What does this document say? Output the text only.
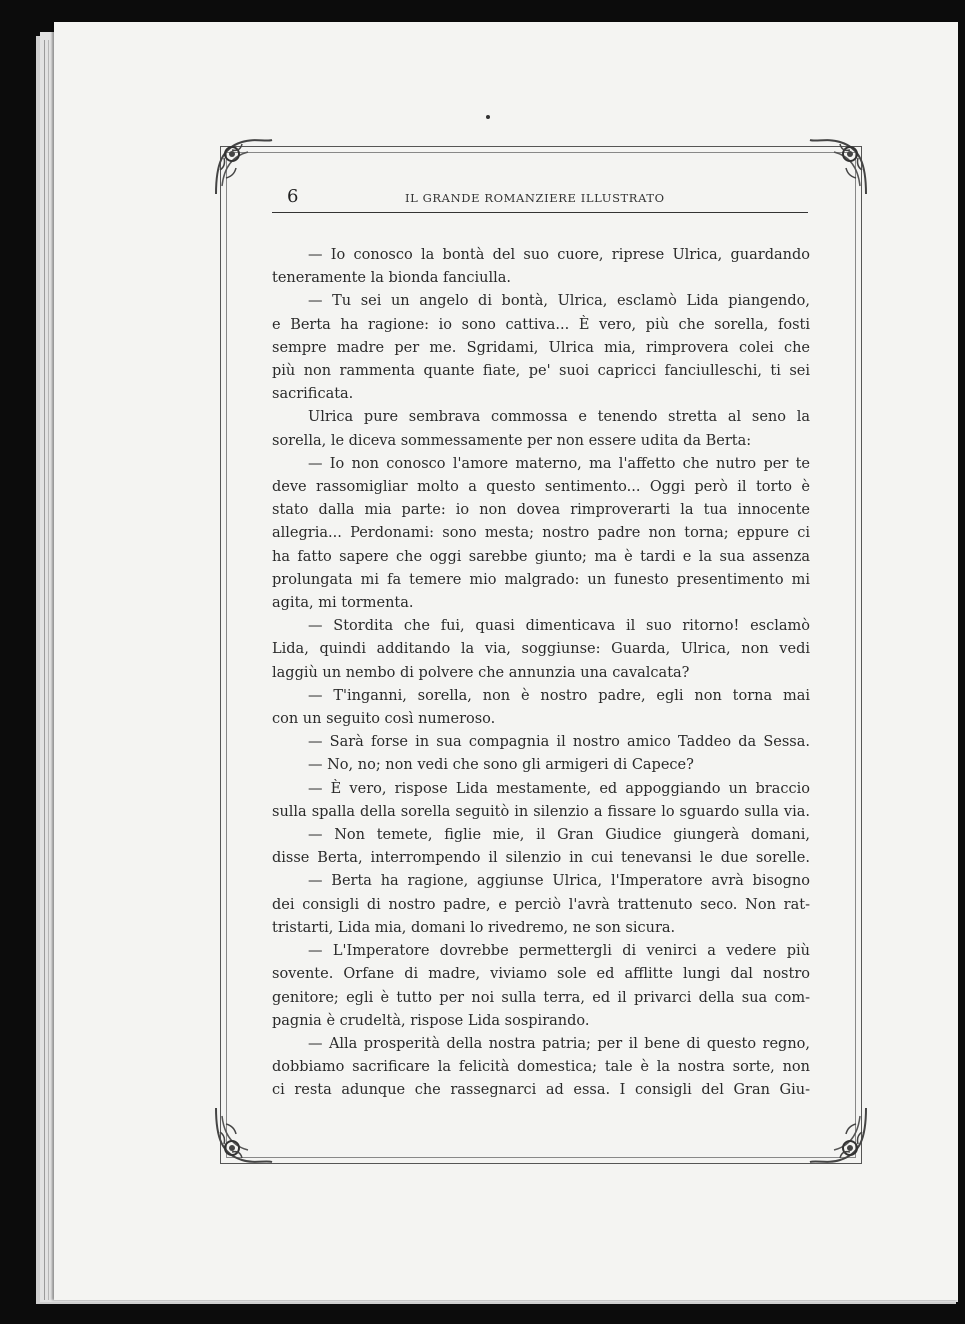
6	IL GRANDE ROMANZIERE ILLUSTRATO
— Io conosco la bontà del suo cuore, riprese Ulrica, guardando
teneramente la bionda fanciulla.
— Tu sei un angelo di bontà, Ulrica, esclamò Lida piangendo,
e Berta ha ragione: io sono cattiva... È vero, più che sorella, fosti
sempre madre per me. Sgridami, Ulrica mia, rimprovera colei che
più non rammenta quante fiate, pe' suoi capricci fanciulleschi, ti sei
sacrificata.
Ulrica pure sembrava commossa e tenendo stretta al seno la
sorella, le diceva sommessamente per non essere udita da Berta:
— Io non conosco l'amore materno, ma l'affetto che nutro per te
deve rassomigliar molto a questo sentimento... Oggi però il torto è
stato dalla mia parte: io non dovea rimproverarti la tua innocente
allegria... Perdonami: sono mesta; nostro padre non torna; eppure ci
ha fatto sapere che oggi sarebbe giunto; ma è tardi e la sua assenza
prolungata mi fa temere mio malgrado: un funesto presentimento mi
agita, mi tormenta.
— Stordita che fui, quasi dimenticava il suo ritorno! esclamò
Lida, quindi additando la via, soggiunse: Guarda, Ulrica, non vedi
laggiù un nembo di polvere che annunzia una cavalcata?
— T'inganni, sorella, non è nostro padre, egli non torna mai
con un seguito così numeroso.
— Sarà forse in sua compagnia il nostro amico Taddeo da Sessa.
— No, no; non vedi che sono gli armigeri di Capece?
— È vero, rispose Lida mestamente, ed appoggiando un braccio
sulla spalla della sorella seguitò in silenzio a fissare lo sguardo sulla via.
— Non temete, figlie mie, il Gran Giudice giungerà domani,
disse Berta, interrompendo il silenzio in cui tenevansi le due sorelle.
— Berta ha ragione, aggiunse Ulrica, l'Imperatore avrà bisogno
dei consigli di nostro padre, e perciò l'avrà trattenuto seco. Non rat-
tristarti, Lida mia, domani lo rivedremo, ne son sicura.
— L'Imperatore dovrebbe permettergli di venirci a vedere più
sovente. Orfane di madre, viviamo sole ed afflitte lungi dal nostro
genitore; egli è tutto per noi sulla terra, ed il privarci della sua com-
pagnia è crudeltà, rispose Lida sospirando.
— Alla prosperità della nostra patria; per il bene di questo regno,
dobbiamo sacrificare la felicità domestica; tale è la nostra sorte, non
ci resta adunque che rassegnarci ad essa. I consigli del Gran Giu-
